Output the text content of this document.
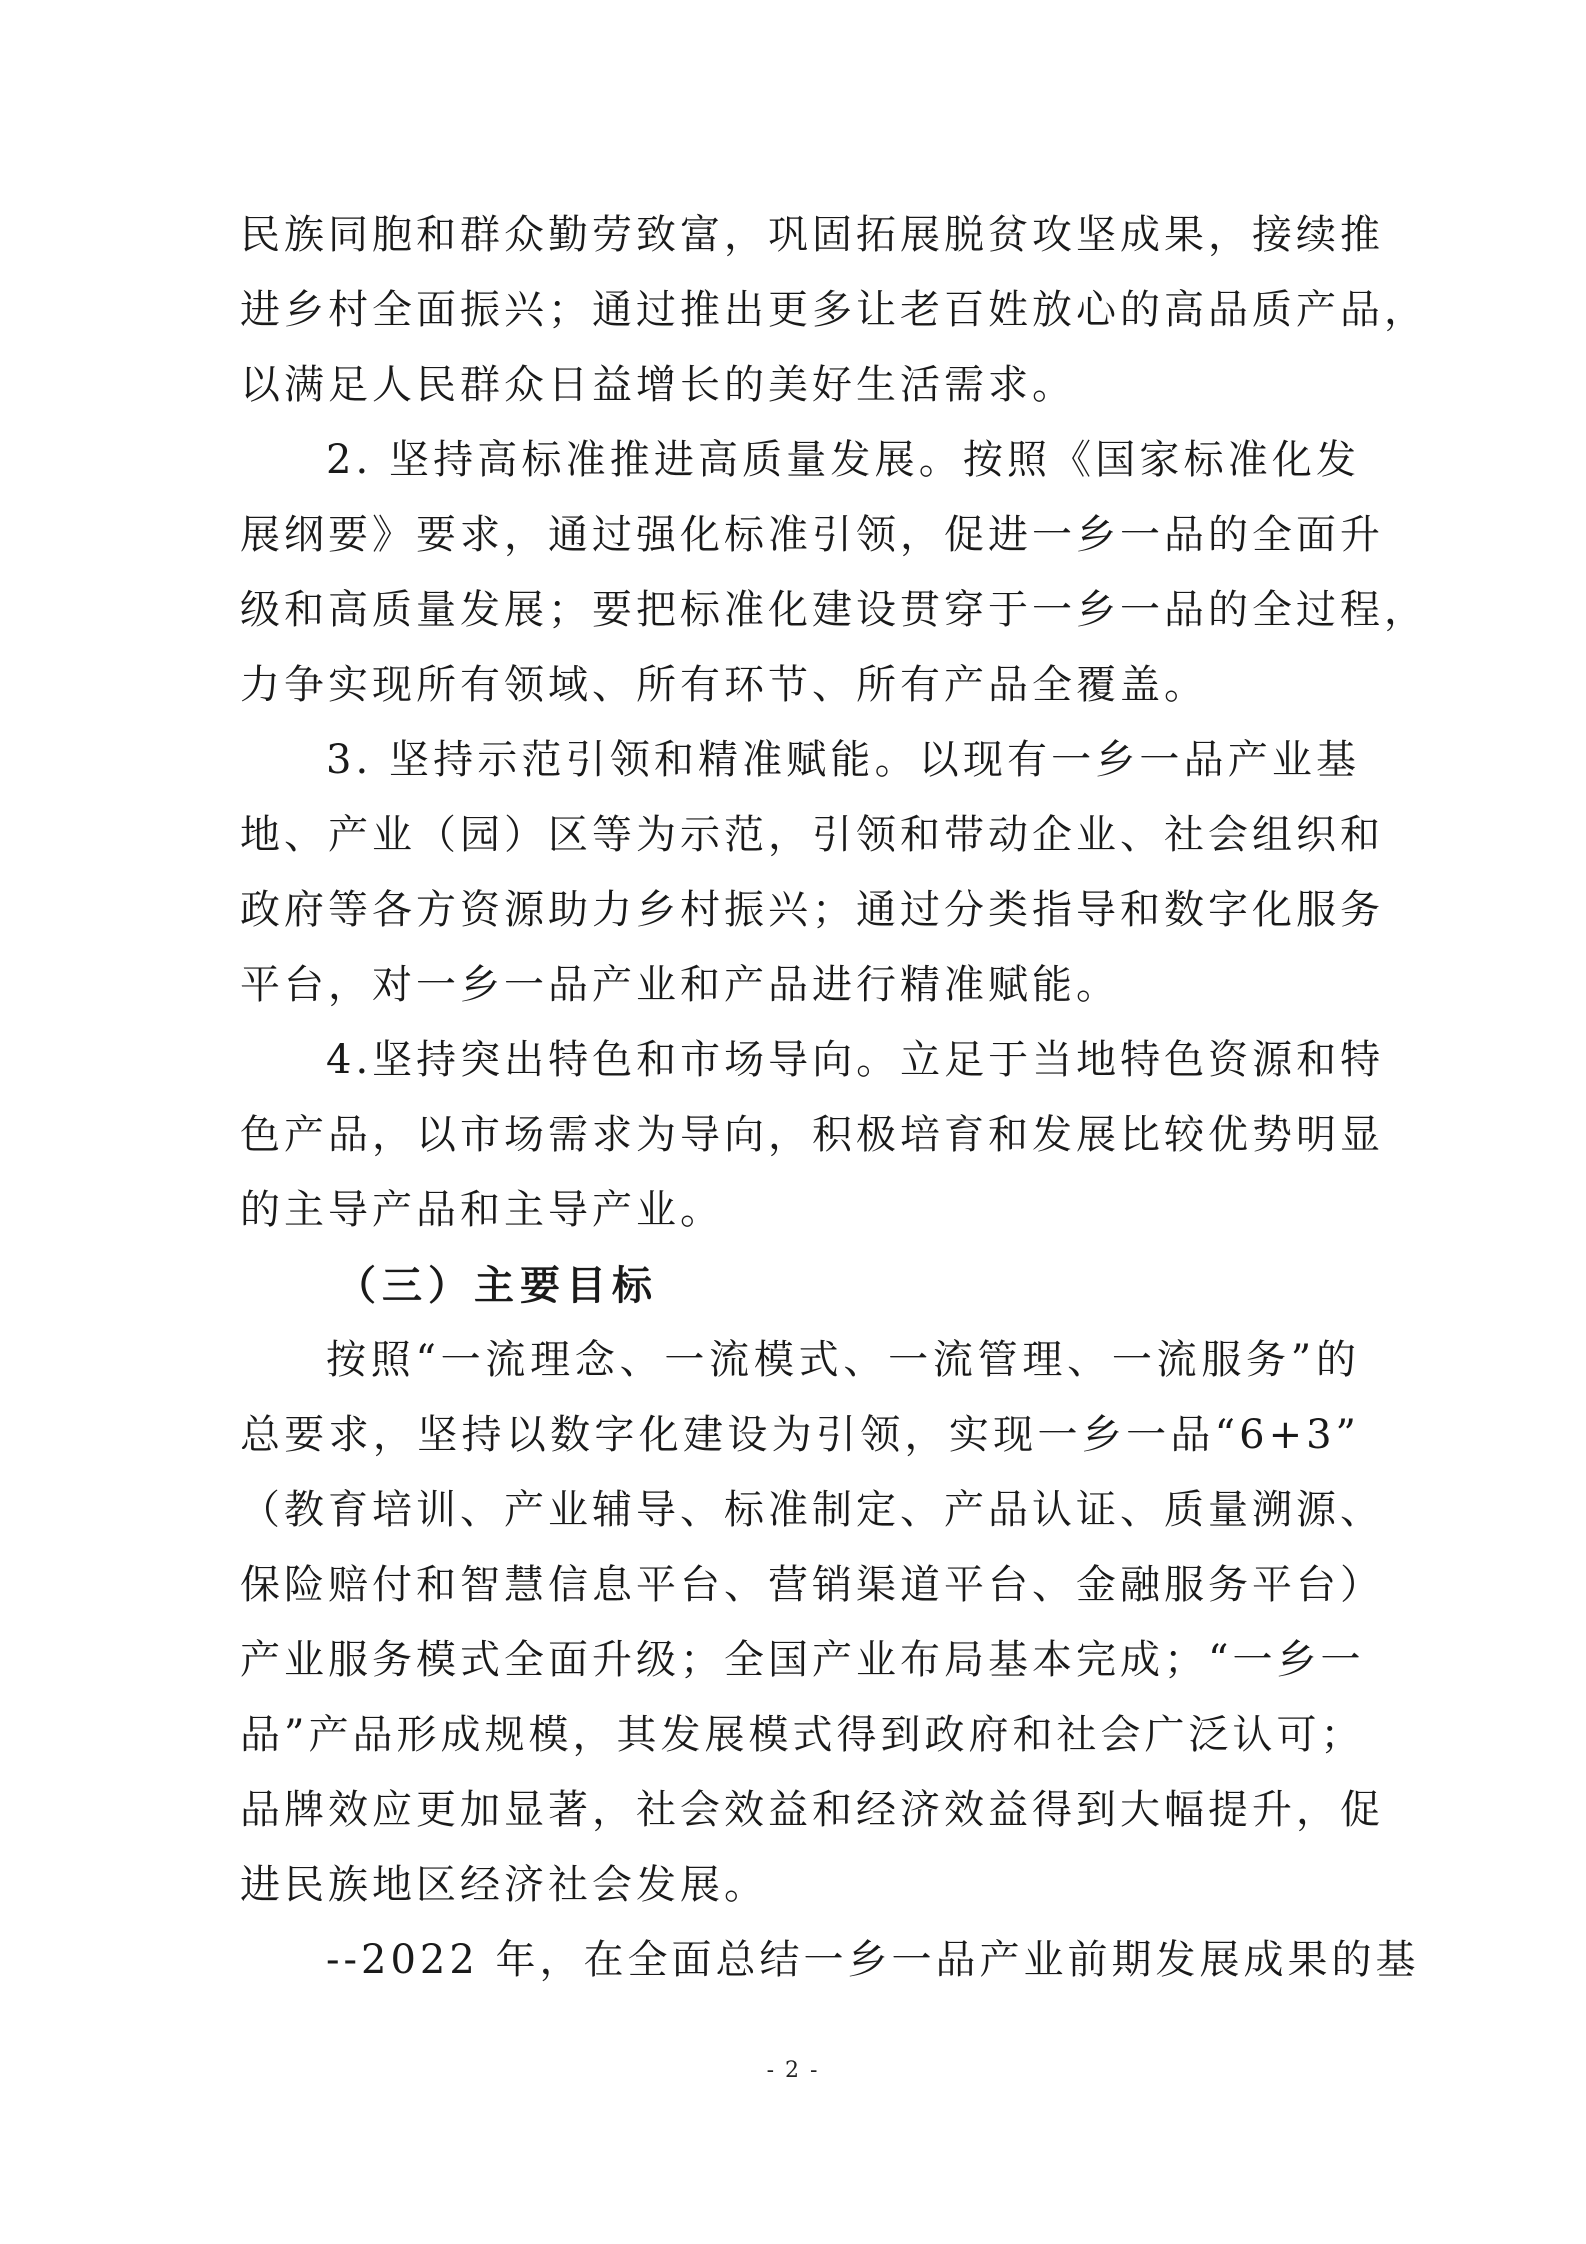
民族同胞和群众勤劳致富，巩固拓展脱贫攻坚成果，接续推
进乡村全面振兴；通过推出更多让老百姓放心的高品质产品，
以满足人民群众日益增长的美好生活需求。
2. 坚持高标准推进高质量发展。按照《国家标准化发
展纲要》要求，通过强化标准引领，促进一乡一品的全面升
级和高质量发展；要把标准化建设贯穿于一乡一品的全过程，
力争实现所有领域、所有环节、所有产品全覆盖。
3. 坚持示范引领和精准赋能。以现有一乡一品产业基
地、产业（园）区等为示范，引领和带动企业、社会组织和
政府等各方资源助力乡村振兴；通过分类指导和数字化服务
平台，对一乡一品产业和产品进行精准赋能。
4.坚持突出特色和市场导向。立足于当地特色资源和特
色产品，以市场需求为导向，积极培育和发展比较优势明显
的主导产品和主导产业。
（三）主要目标
按照“一流理念、一流模式、一流管理、一流服务”的
总要求，坚持以数字化建设为引领，实现一乡一品“6+3”
（教育培训、产业辅导、标准制定、产品认证、质量溯源、
保险赔付和智慧信息平台、营销渠道平台、金融服务平台）
产业服务模式全面升级；全国产业布局基本完成；“一乡一
品”产品形成规模，其发展模式得到政府和社会广泛认可；
品牌效应更加显著，社会效益和经济效益得到大幅提升，促
进民族地区经济社会发展。
--2022 年，在全面总结一乡一品产业前期发展成果的基
- 2 -
